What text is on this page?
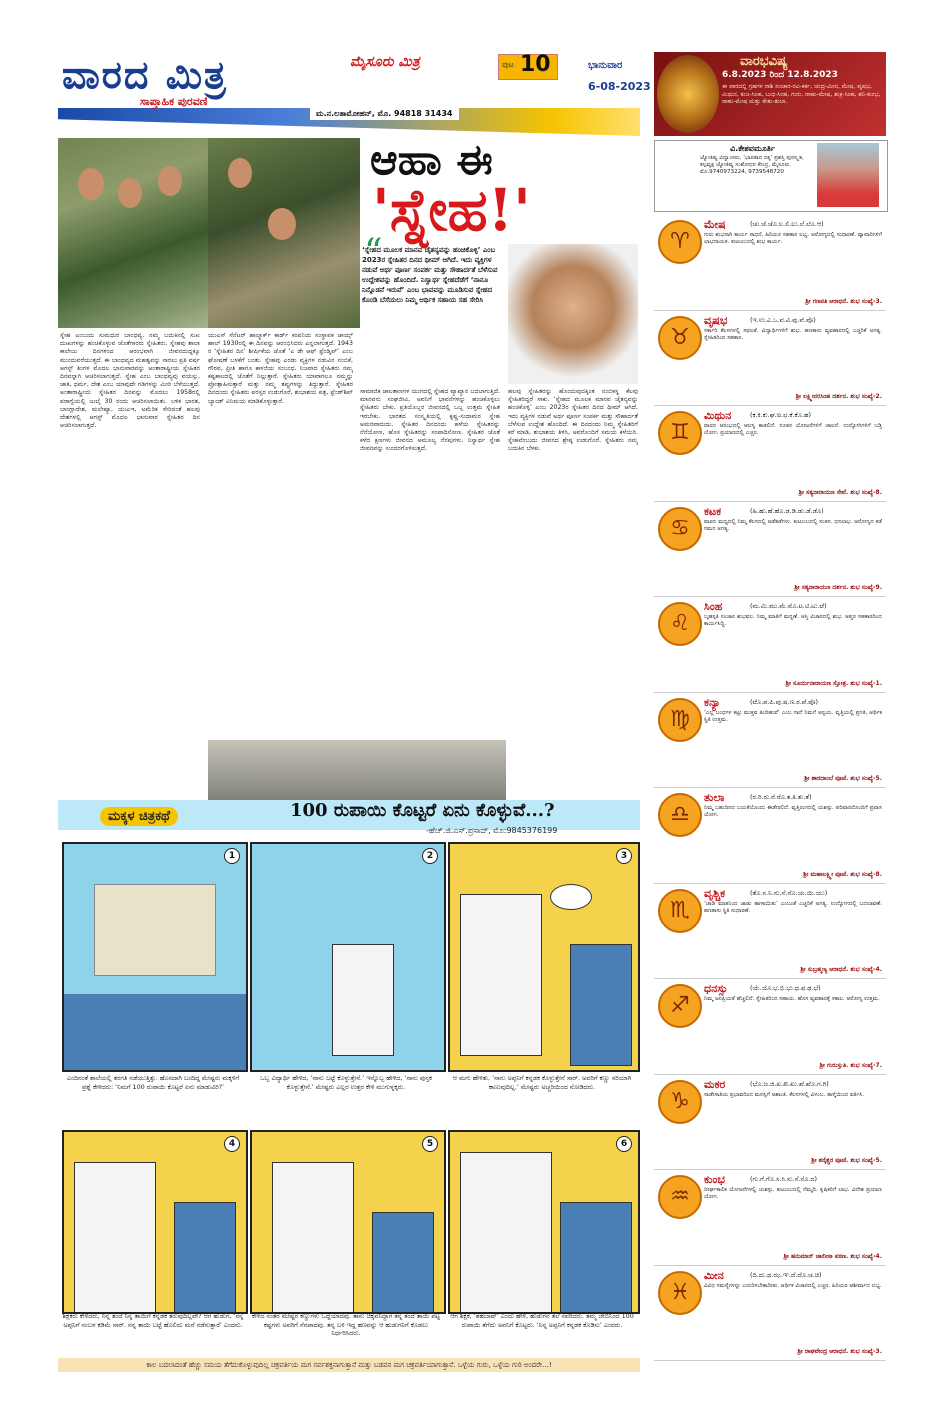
ವಾರದ ಮಿತ್ರ
ಸಾಪ್ತಾಹಿಕ ಪುರವಣಿ
ಮೈಸೂರು ಮಿತ್ರ	ಪುಟ 10	ಭಾನುವಾರ
6-08-2023
ಮ.ನ.ಲತಾಮೋಹನ್, ಮೊ. 94818 31434
ಆಹಾ ಈ
'ಸ್ನೇಹ!'
“
‘ಸ್ನೇಹದ ಮೂಲಕ ಮಾನವ ಚೈತನ್ಯವನ್ನು ಹಂಚಿಕೊಳ್ಳಿ’ ಎಂಬ 2023ರ ಸ್ನೇಹಿತರ ದಿನದ ಥೀಮ್ ಆಗಿದೆ. ಇದು ವ್ಯಕ್ತಿಗಳ ನಡುವೆ ಅರ್ಥ ಪೂರ್ಣ ಸಂಪರ್ಕ ಮತ್ತು ಸೌಹಾರ್ದತೆ ಬೆಳೆಸುವ ಉದ್ದೇಶವನ್ನು ಹೊಂದಿದೆ. ನಿಸ್ವಾರ್ಥ ಸ್ನೇಹದೆಡೆಗೆ ‘ನಾನೂ ನಿನ್ನೊಡನೆ ಇರುವೆ’ ಎಂಬ ಭಾವವನ್ನು ಮೂಡಿಸುವ ಸ್ನೇಹದ ಕೊಂಡಿ ಬೆಸೆಯಲು ನಿಮ್ಮ ಆರ್ಥಿಕ ಸಹಾಯ ಸಹ ಸೇರಿಸಿ
ಸ್ನೇಹ ಎಂಬುದು ಸುಮಧುರ ಬಾಂಧವ್ಯ. ನಮ್ಮ ಬದುಕಿನಲ್ಲಿ ಸುಖ ದುಃಖಗಳನ್ನು ಹಂಚಿಕೊಳ್ಳುವ ಜೊತೆಗಾರರು ಸ್ನೇಹಿತರು. ಸ್ನೇಹವು ಶಾಲಾ ಕಾಲೇಜು ದಿನಗಳಿಂದ ಆರಂಭವಾಗಿ ಜೀವನದುದ್ದಕ್ಕೂ ಮುಂದುವರೆಯುತ್ತದೆ. ಈ ಬಾಂಧವ್ಯದ ಮಹತ್ವವನ್ನು ಸಾರಲು ಪ್ರತಿ ವರ್ಷ ಆಗಸ್ಟ್ ತಿಂಗಳ ಮೊದಲ ಭಾನುವಾರವನ್ನು ಅಂತಾರಾಷ್ಟ್ರೀಯ ಸ್ನೇಹಿತರ ದಿನವನ್ನಾಗಿ ಆಚರಿಸಲಾಗುತ್ತದೆ. ಸ್ನೇಹ ಎಂಬ ಬಾಂಧವ್ಯವು ವಯಸ್ಸು, ಜಾತಿ, ಧರ್ಮ, ದೇಶ ಎಂಬ ಯಾವುದೇ ಗಡಿಗಳನ್ನು ಮೀರಿ ಬೆಳೆಯುತ್ತದೆ. ಅಂತಾರಾಷ್ಟ್ರೀಯ ಸ್ನೇಹಿತರ ದಿನವನ್ನು ಮೊದಲು 1958ರಲ್ಲಿ ಪರಾಗ್ವೆಯಲ್ಲಿ ಜುಲೈ 30 ರಂದು ಆಚರಿಸಲಾಯಿತು. ಬಳಿಕ ಭಾರತ, ಬಾಂಗ್ಲಾದೇಶ, ಮಲೇಷ್ಯಾ, ಯುಎಇ, ಅಮೆರಿಕ ಸೇರಿದಂತೆ ಹಲವು ದೇಶಗಳಲ್ಲಿ ಆಗಸ್ಟ್ ಮೊದಲ ಭಾನುವಾರ ಸ್ನೇಹಿತರ ದಿನ ಆಚರಿಸಲಾಗುತ್ತದೆ.
ಯುಎಸ್ ಸೆನೆಟರ್ ಹಾಲ್ಮಾರ್ಕ್ ಕಾರ್ಡ್ ಕಂಪನಿಯ ಸಂಸ್ಥಾಪಕ ಜಾಯ್ಸ್ ಹಾಲ್ 1930ರಲ್ಲಿ ಈ ದಿನವನ್ನು ಆರಂಭಿಸಿದರು ಎನ್ನಲಾಗುತ್ತದೆ. 1943 ರ ‘ಸ್ನೇಹಿತರ ದಿನ’ ಶೀರ್ಷಿಕೆಯ ಜೊತೆ ‘ಎ ಡೇ ಆಫ್ ಫ್ರೆಂಡ್ಶಿಪ್’ ಎಂಬ ಘೋಷಣೆ ಬಳಕೆಗೆ ಬಂತು. ಸ್ನೇಹವು ಎರಡು ವ್ಯಕ್ತಿಗಳ ನಡುವಿನ ನಂಬಿಕೆ, ಗೌರವ, ಪ್ರೀತಿ ಹಾಗೂ ಕಾಳಜಿಯ ಸಂಬಂಧ. ನಿಜವಾದ ಸ್ನೇಹಿತರು ನಮ್ಮ ಕಷ್ಟಕಾಲದಲ್ಲಿ ಜೊತೆಗೆ ನಿಲ್ಲುತ್ತಾರೆ. ಸ್ನೇಹಿತರು ಯಾವಾಗಲೂ ನಮ್ಮನ್ನು ಪ್ರೋತ್ಸಾಹಿಸುತ್ತಾರೆ ಮತ್ತು ನಮ್ಮ ತಪ್ಪುಗಳನ್ನು ತಿದ್ದುತ್ತಾರೆ. ಸ್ನೇಹಿತರ ದಿನದಂದು ಸ್ನೇಹಿತರು ಪರಸ್ಪರ ಉಡುಗೊರೆ, ಶುಭಾಶಯ ಪತ್ರ, ಫ್ರೆಂಡ್‌ಶಿಪ್ ಬ್ಯಾಂಡ್ ವಿನಿಮಯ ಮಾಡಿಕೊಳ್ಳುತ್ತಾರೆ.
ಸಾಮಾಜಿಕ ಜಾಲತಾಣಗಳ ಯುಗದಲ್ಲಿ ಸ್ನೇಹದ ವ್ಯಾಖ್ಯಾನ ಬದಲಾಗುತ್ತಿದೆ. ಮಾನವನು ಸಂಘಜೀವಿ, ಅವನಿಗೆ ಭಾವನೆಗಳನ್ನು ಹಂಚಿಕೊಳ್ಳಲು ಸ್ನೇಹಿತರು ಬೇಕು. ಪ್ರತಿಯೊಬ್ಬರ ಜೀವನದಲ್ಲಿ ಒಬ್ಬ ಉತ್ತಮ ಸ್ನೇಹಿತ ಇರಬೇಕು. ಭಾರತದ ಸಂಸ್ಕೃತಿಯಲ್ಲಿ ಕೃಷ್ಣ-ಸುದಾಮರ ಸ್ನೇಹ ಅಮರವಾದುದು. ಸ್ನೇಹಿತರ ದಿನದಂದು ಹಳೆಯ ಸ್ನೇಹಿತರನ್ನು ನೆನೆಯೋಣ, ಹೊಸ ಸ್ನೇಹಿತರನ್ನು ಸಂಪಾದಿಸೋಣ. ಸ್ನೇಹಿತರ ಜೊತೆ ಕಳೆದ ಕ್ಷಣಗಳು ಜೀವನದ ಅಮೂಲ್ಯ ನೆನಪುಗಳು. ನಿಸ್ವಾರ್ಥ ಸ್ನೇಹ ಜೀವನವನ್ನು ಸುಂದರಗೊಳಿಸುತ್ತದೆ.
ಹಲವು ಸ್ನೇಹಿತರನ್ನು ಹೊಂದುವುದಕ್ಕಿಂತ ನಂಬಿಕಸ್ಥ ಕೆಲವು ಸ್ನೇಹಿತರಿದ್ದರೆ ಸಾಕು. ‘ಸ್ನೇಹದ ಮೂಲಕ ಮಾನವ ಚೈತನ್ಯವನ್ನು ಹಂಚಿಕೊಳ್ಳಿ’ ಎಂಬ 2023ರ ಸ್ನೇಹಿತರ ದಿನದ ಥೀಮ್ ಆಗಿದೆ. ಇದು ವ್ಯಕ್ತಿಗಳ ನಡುವೆ ಅರ್ಥ ಪೂರ್ಣ ಸಂಪರ್ಕ ಮತ್ತು ಸೌಹಾರ್ದತೆ ಬೆಳೆಸುವ ಉದ್ದೇಶ ಹೊಂದಿದೆ. ಈ ದಿನದಂದು ನಿಮ್ಮ ಸ್ನೇಹಿತರಿಗೆ ಕರೆ ಮಾಡಿ, ಶುಭಾಶಯ ತಿಳಿಸಿ, ಅವರೊಂದಿಗೆ ಸಮಯ ಕಳೆಯಿರಿ. ಸ್ನೇಹವೆಂಬುದು ಜೀವನದ ಶ್ರೇಷ್ಠ ಉಡುಗೊರೆ. ಸ್ನೇಹಿತರು ನಮ್ಮ ಬದುಕಿನ ಬೆಳಕು.
ಮಕ್ಕಳ ಚಿತ್ರಕಥೆ	100 ರುಪಾಯಿ ಕೊಟ್ಟರೆ ಏನು ಕೊಳ್ಳುವೆ...?
-ಹೆಚ್.ಜಿ.ಎಸ್.ಪ್ರಸಾದ್, ಮೊ:9845376199
1	2	3
ಎಂದಿನಂತೆ ಶಾಲೆಯಲ್ಲಿ ತರಗತಿ ನಡೆಯುತ್ತಿತ್ತು. ಹೊಸದಾಗಿ ಬಂದಿದ್ದ ಮೇಷ್ಟರು ಮಕ್ಕಳಿಗೆ ಪ್ರಶ್ನೆ ಕೇಳಿದರು: ‘ನಿಮಗೆ 100 ರುಪಾಯಿ ಕೊಟ್ಟರೆ ಏನು ಮಾಡುವಿರಿ?’
ಒಬ್ಬ ವಿದ್ಯಾರ್ಥಿ ಹೇಳಿದ, ‘ನಾನು ಬಟ್ಟೆ ಕೊಳ್ಳುತ್ತೇನೆ.’ ಇನ್ನೊಬ್ಬ ಹೇಳಿದ, ‘ನಾನು ಪುಸ್ತಕ ಕೊಳ್ಳುತ್ತೇನೆ.’ ಮೇಷ್ಟರು ಎಲ್ಲರ ಉತ್ತರ ಕೇಳಿ ಮುಗುಳ್ನಕ್ಕರು.
ಆ ಮಗು ಹೇಳಿತು, ‘ನಾನು ಅಪ್ಪನಿಗೆ ಕನ್ನಡಕ ಕೊಳ್ಳುತ್ತೇನೆ ಸಾರ್. ಅವರಿಗೆ ಕಣ್ಣು ಸರಿಯಾಗಿ ಕಾಣುವುದಿಲ್ಲ.’ ಮೇಷ್ಟರು ಅಚ್ಚರಿಯಿಂದ ನೋಡಿದರು.
4	5	6
ಶಿಕ್ಷಕರು ಕೇಳಿದರು, ನಿನ್ನ ತಂದೆ ನಿನ್ನ ತಾಯಿಗೆ ಕನ್ನಡಕ ತರುವುದಿಲ್ಲವೇ? ಆಗ ಹುಡುಗ, ‘ನನ್ನ ಅಪ್ಪನಿಗೆ ಸಂಬಳ ಕಡಿಮೆ ಸಾರ್. ನನ್ನ ತಾಯಿ ಬಟ್ಟೆ ಹೊಲಿದು ಮನೆ ನಡೆಸುತ್ತಾರೆ’ ಎಂದನು.
ಕೇಳಿದ ನಂತರ ಮೇಷ್ಟರ ಕಣ್ಣುಗಳು ಒದ್ದೆಯಾದವು. ತಾನು ಚಿಕ್ಕವನಿದ್ದಾಗ ತನ್ನ ತಂದೆ ತಾಯಿ ಪಟ್ಟ ಕಷ್ಟಗಳು ಅವರಿಗೆ ನೆನಪಾದವು. ತನ್ನ ಬಳಿ ಇದ್ದ ಹಣವನ್ನು ಆ ಹುಡುಗನಿಗೆ ಕೊಡಲು ನಿರ್ಧರಿಸಿದರು.
ಆಗ ಶಿಕ್ಷಕ, ‘ಶಹಬಾಷ್’ ಎಂದು ಹೇಳಿ, ಹುಡುಗನ ತಲೆ ಸವರಿದರು. ತಮ್ಮ ಜೇಬಿನಿಂದ 100 ರುಪಾಯಿ ತೆಗೆದು ಅವನಿಗೆ ಕೊಟ್ಟರು. ‘ನಿನ್ನ ಅಪ್ಪನಿಗೆ ಕನ್ನಡಕ ಕೊಡಿಸು’ ಎಂದರು.
ಕಾಲ ಬದಲಾದಂತೆ ಹೆಚ್ಚು ಸಮಯ ತೆಗೆದುಕೊಳ್ಳುವುದಿಲ್ಲ ಚಕ್ರವರ್ತಿಯ ಮಗ ಸರ್ವಶಕ್ತನಾಗುತ್ತಾನೆ ಮತ್ತು ಬಡವನ ಮಗ ಚಕ್ರವರ್ತಿಯಾಗುತ್ತಾನೆ. ಒಳ್ಳೆಯ ಗುರು, ಒಳ್ಳೆಯ ಗುರಿ ಅಂದರೇ...!
ವಾರಭವಿಷ್ಯ
6.8.2023 ರಿಂದ 12.8.2023
ಈ ವಾರದಲ್ಲಿ ಗ್ರಹಗಳ ರಾಶಿ ಸಂಚಾರ-ರವಿ-ಕರ್ಕ, ಚಂದ್ರ-ಮೀನ, ಮೇಷ, ವೃಷಭ, ಮಿಥುನ, ಕುಜ-ಸಿಂಹ, ಬುಧ-ಸಿಂಹ, ಗುರು, ರಾಹು-ಮೇಷ, ಶುಕ್ರ-ಸಿಂಹ, ಶನಿ-ಕುಂಭ, ರಾಹು-ಮೇಷ ಮತ್ತು ಕೇತು-ತುಲಾ.
ವಿ.ಕೇಶವಮೂರ್ತಿ
ಜ್ಯೋತಿಷ್ಯ ವಿದ್ವಾಂಸರು, ‘ಭಾರತಾದ ರತ್ನ’ ಪ್ರಶಸ್ತಿ ಪುರಸ್ಕೃತ, ಕಲ್ಪವೃಕ್ಷ ಜ್ಯೋತಿಷ್ಯ ಸಂಶೋಧನ ಕೇಂದ್ರ, ಮೈಸೂರು. ಮೊ.9740973224, 9739548720
♈
ಮೇಷ	(ಚು.ಚೆ.ಚೊ.ಲ.ಲಿ.ಲು.ಲೆ.ಲೊ.ಆ)
ಗುರು ಶುಭನಾಗಿ ಕಾರ್ಯ ಸಾಧನೆ, ಹಿರಿಯರ ಸಹಕಾರ ಲಭ್ಯ. ಆರೋಗ್ಯದಲ್ಲಿ ಸುಧಾರಣೆ. ವ್ಯಾಪಾರಿಗಳಿಗೆ ಲಾಭದಾಯಕ. ಕುಟುಂಬದಲ್ಲಿ ಶುಭ ಕಾರ್ಯ.
ಶ್ರೀ ಗಣಪತಿ ಆರಾಧನೆ. ಶುಭ ಸಂಖ್ಯೆ-3.
♉
ವೃಷಭ	(ಇ.ಉ.ಎ.ಒ.ವ.ವಿ.ವು.ವೆ.ವೊ)
ಸರ್ಕಾರಿ ಕೆಲಸಗಳಲ್ಲಿ ಸಫಲತೆ. ವಿದ್ಯಾರ್ಥಿಗಳಿಗೆ ಶುಭ. ಹಣಕಾಸು ವ್ಯವಹಾರದಲ್ಲಿ ಎಚ್ಚರಿಕೆ ಅಗತ್ಯ. ಸ್ನೇಹಿತರಿಂದ ಸಹಕಾರ.
ಶ್ರೀ ಲಕ್ಷ್ಮೀನರಸಿಂಹ ದರ್ಶನ. ಶುಭ ಸಂಖ್ಯೆ-2.
♊
ಮಿಥುನ	(ಕ.ಕಿ.ಕು.ಘ.ಙ.ಛ.ಕೆ.ಕೊ.ಹ)
ವಾರದ ಆರಂಭದಲ್ಲಿ ಆಲಸ್ಯ ಕಾಡಲಿದೆ. ನೂತನ ಯೋಜನೆಗಳಿಗೆ ಚಾಲನೆ. ಉದ್ಯೋಗಿಗಳಿಗೆ ಬಡ್ತಿ ಯೋಗ. ಪ್ರಯಾಣದಲ್ಲಿ ಎಚ್ಚರ.
ಶ್ರೀ ಸತ್ಯನಾರಾಯಣ ಸೇವೆ. ಶುಭ ಸಂಖ್ಯೆ-8.
♋
ಕಟಕ	(ಹಿ.ಹು.ಹೆ.ಹೊ.ಡ.ಡಿ.ಡು.ಡೆ.ಡೊ)
ವಾರದ ಮಧ್ಯದಲ್ಲಿ ನಿಮ್ಮ ಕೆಲಸದಲ್ಲಿ ಅಡೆತಡೆಗಳು. ಕುಟುಂಬದಲ್ಲಿ ಸಂತಸ. ಧನಲಾಭ. ಆರೋಗ್ಯದ ಕಡೆ ಗಮನ ಅಗತ್ಯ.
ಶ್ರೀ ಸತ್ಯನಾರಾಯಣ ದರ್ಶನ. ಶುಭ ಸಂಖ್ಯೆ-9.
♌
ಸಿಂಹ	(ಮ.ಮಿ.ಮು.ಮೆ.ಮೊ.ಟ.ಟಿ.ಟು.ಟೆ)
ಬೃಹಸ್ಪತಿ ಸಂಚಾರ ಶುಭಫಲ. ನಿಮ್ಮ ಮಾತಿಗೆ ಮನ್ನಣೆ. ಆಸ್ತಿ ವಿಚಾರದಲ್ಲಿ ಶುಭ. ಆಪ್ತರ ಸಹಕಾರದಿಂದ ಕಾರ್ಯಸಿದ್ಧಿ.
ಶ್ರೀ ಸೂರ್ಯನಾರಾಯಣ ಸ್ತೋತ್ರ. ಶುಭ ಸಂಖ್ಯೆ-1.
♍
ಕನ್ಯಾ	(ಟೊ.ಪ.ಪಿ.ಪು.ಷ.ಣ.ಠ.ಪೆ.ಪೊ)
‘ಎಲ್ಲ ಬಂಧಗಳ ಕಟ್ಟು ಮುಕ್ತವ ತಿಂದಿಹುವೆ’ ಎಂಬ ಗಾದೆ ನಿಮಗೆ ಅನ್ವಯ. ವೃತ್ತಿಯಲ್ಲಿ ಪ್ರಗತಿ, ಆರ್ಥಿಕ ಸ್ಥಿತಿ ಉತ್ತಮ.
ಶ್ರೀ ಶಾರದಾಂಬೆ ಪೂಜೆ. ಶುಭ ಸಂಖ್ಯೆ-5.
♎
ತುಲಾ	(ರ.ರಿ.ರು.ರೆ.ರೊ.ತ.ತಿ.ತು.ತೆ)
ನಿಮ್ಮ ಬಹುದಿನದ ಬಯಕೆಯೊಂದು ಈಡೇರಲಿದೆ. ವೃತ್ತಿರಂಗದಲ್ಲಿ ಯಶಸ್ಸು. ಪರಿವಾರದೊಂದಿಗೆ ಪ್ರವಾಸ ಯೋಗ.
ಶ್ರೀ ಮಹಾಲಕ್ಷ್ಮೀ ಪೂಜೆ. ಶುಭ ಸಂಖ್ಯೆ-8.
♏
ವೃಶ್ಚಿಕ	(ತೊ.ನ.ನಿ.ನು.ನೆ.ನೊ.ಯ.ಯಿ.ಯು)
‘ಚಾಡಿ ಮಾತನಿಂದ ಜಾಡು ಹಾಳಾಯಿತು’ ಎಂಬಂತೆ ಎಚ್ಚರಿಕೆ ಅಗತ್ಯ. ಉದ್ಯೋಗದಲ್ಲಿ ಬದಲಾವಣೆ. ಹಣಕಾಸು ಸ್ಥಿತಿ ಸುಧಾರಣೆ.
ಶ್ರೀ ಸುಬ್ರಹ್ಮಣ್ಯ ಆರಾಧನೆ. ಶುಭ ಸಂಖ್ಯೆ-4.
♐
ಧನಸ್ಸು	(ಯೆ.ಯೊ.ಭ.ಭಿ.ಭು.ಧ.ಫ.ಢ.ಭೆ)
ನಿಮ್ಮ ಜನಪ್ರಿಯತೆ ಹೆಚ್ಚಲಿದೆ. ಸ್ನೇಹಿತರಿಂದ ಸಹಾಯ. ಹೊಸ ವ್ಯವಹಾರಕ್ಕೆ ಸಕಾಲ. ಆರೋಗ್ಯ ಉತ್ತಮ.
ಶ್ರೀ ಗುರುಸ್ತುತಿ. ಶುಭ ಸಂಖ್ಯೆ-7.
♑
ಮಕರ	(ಭೊ.ಜ.ಜಿ.ಖ.ಖಿ.ಖು.ಖೆ.ಖೊ.ಗ.ಗಿ)
ಸಾಡೇಸಾತಿಯ ಪ್ರಭಾವದಿಂದ ಮನಸ್ಸಿಗೆ ಅಶಾಂತಿ. ಕೆಲಸಗಳಲ್ಲಿ ವಿಳಂಬ. ತಾಳ್ಮೆಯಿಂದ ವರ್ತಿಸಿ.
ಶ್ರೀ ಶನೈಶ್ಚರ ಪೂಜೆ. ಶುಭ ಸಂಖ್ಯೆ-5.
♒
ಕುಂಭ	(ಗು.ಗೆ.ಗೊ.ಸ.ಸಿ.ಸು.ಸೆ.ಸೊ.ದ)
ದೀರ್ಘಕಾಲಿಕ ಯೋಜನೆಗಳಲ್ಲಿ ಯಶಸ್ಸು. ಕುಟುಂಬದಲ್ಲಿ ನೆಮ್ಮದಿ. ಕೃಷಿಕರಿಗೆ ಲಾಭ. ವಿದೇಶ ಪ್ರಯಾಣ ಯೋಗ.
ಶ್ರೀ ಹನುಮಾನ್ ಚಾಲೀಸಾ ಪಠಣ. ಶುಭ ಸಂಖ್ಯೆ-4.
♓
ಮೀನ	(ದಿ.ದು.ಥ.ಝ.ಞ.ದೆ.ದೊ.ಚ.ಚಿ)
ವಿವಿಧ ಸಮಸ್ಯೆಗಳನ್ನು ಎದುರಿಸಬೇಕಾದೀತು. ಆರ್ಥಿಕ ವಿಚಾರದಲ್ಲಿ ಎಚ್ಚರ. ಹಿರಿಯರ ಆಶೀರ್ವಾದ ಲಭ್ಯ.
ಶ್ರೀ ರಾಘವೇಂದ್ರ ಆರಾಧನೆ. ಶುಭ ಸಂಖ್ಯೆ-3.
